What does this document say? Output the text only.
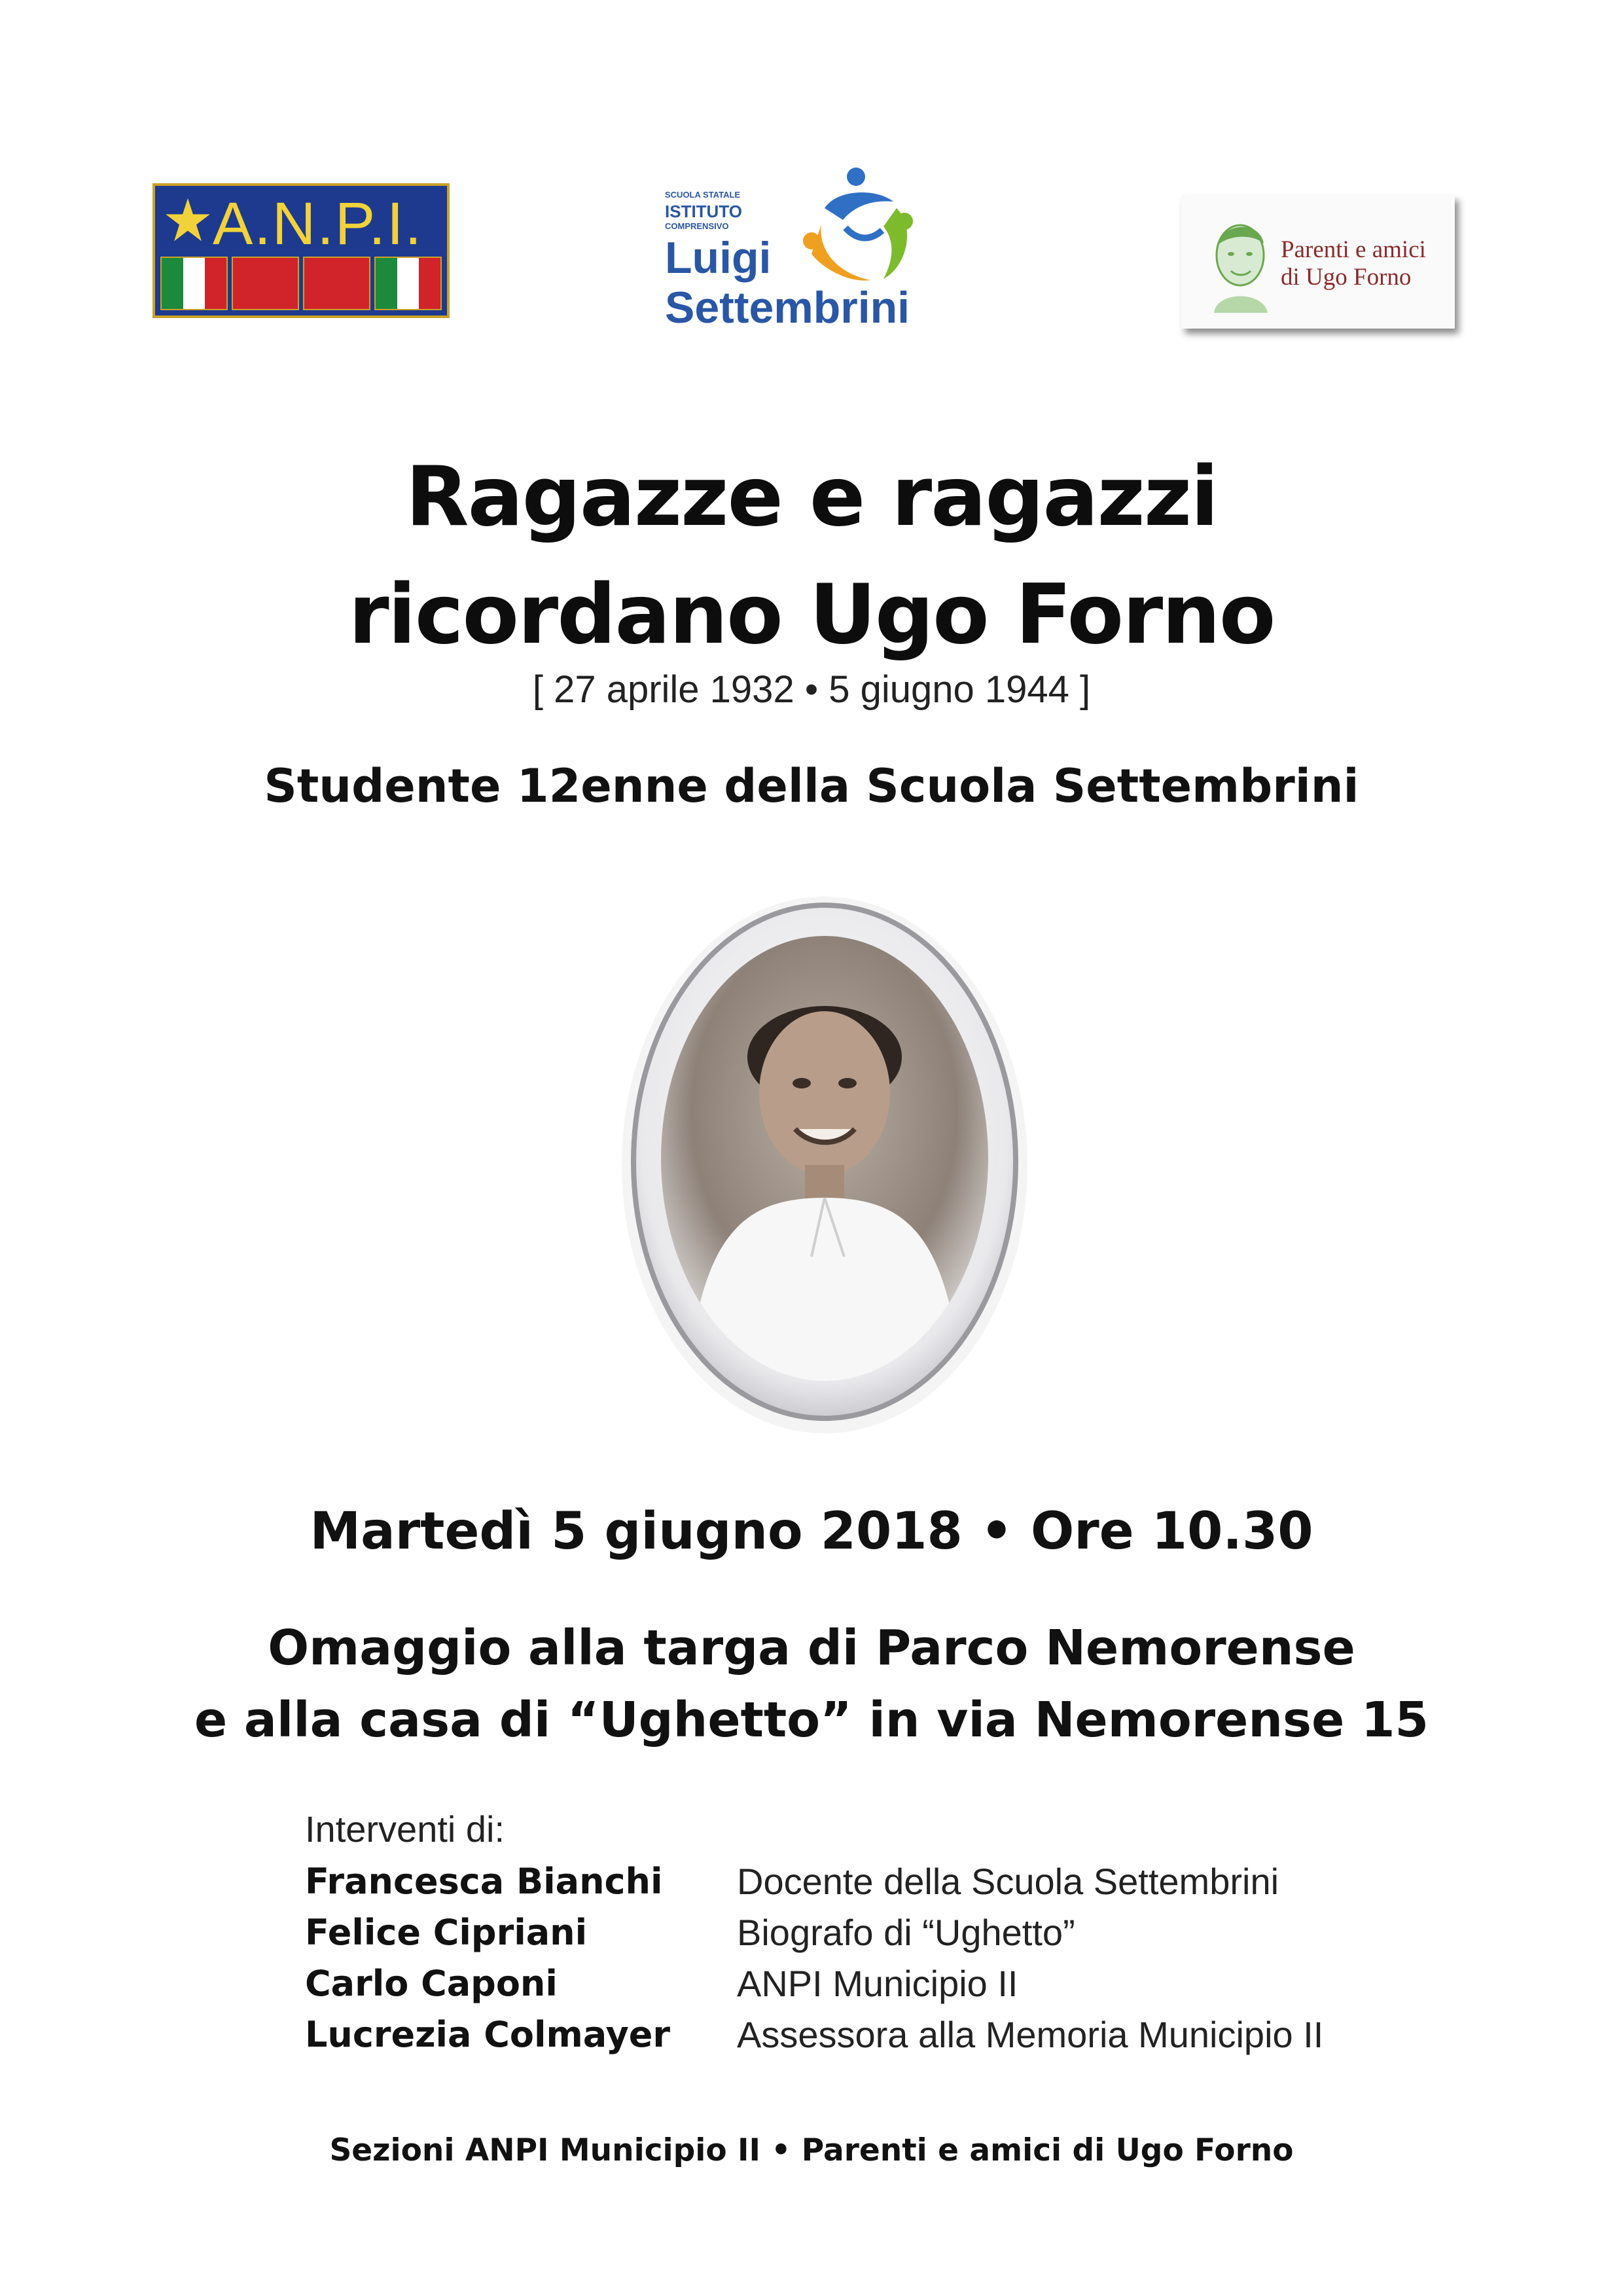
A.N.P.I.	SCUOLA STATALE
ISTITUTO
COMPRENSIVO
Luigi
Settembrini
Parenti e amici
di Ugo Forno
Ragazze e ragazzi
ricordano Ugo Forno
[ 27 aprile 1932 • 5 giugno 1944 ]
Studente 12enne della Scuola Settembrini
Martedì 5 giugno 2018 • Ore 10.30
Omaggio alla targa di Parco Nemorense
e alla casa di “Ughetto” in via Nemorense 15
Interventi di:
Francesca Bianchi	Docente della Scuola Settembrini
Felice Cipriani	Biografo di “Ughetto”
Carlo Caponi	ANPI Municipio II
Lucrezia Colmayer	Assessora alla Memoria Municipio II
Sezioni ANPI Municipio II • Parenti e amici di Ugo Forno
